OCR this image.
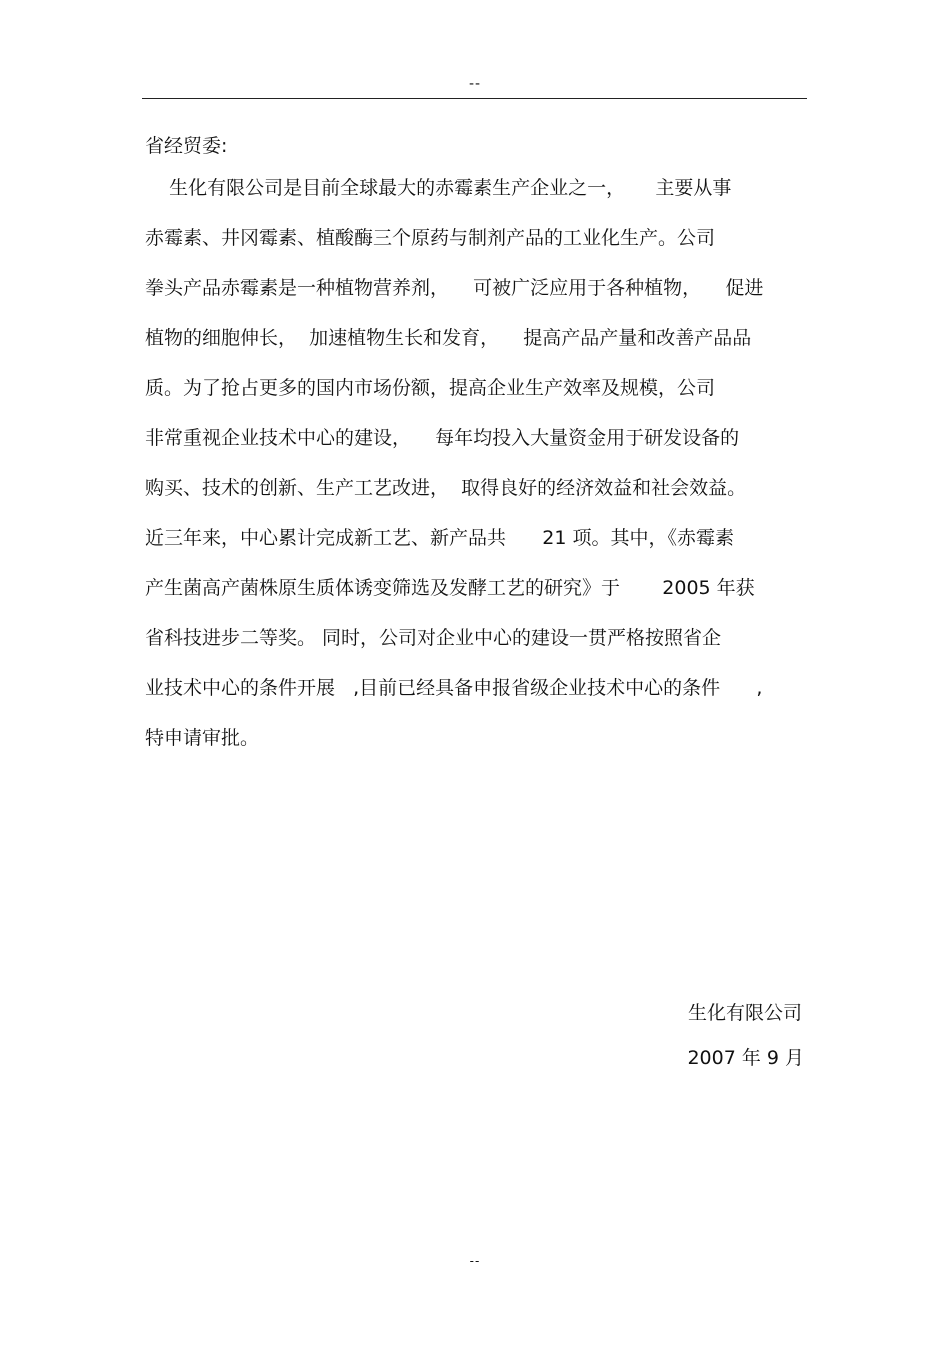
--
省经贸委:
生化有限公司是目前全球最大的赤霉素生产企业之一，     主要从事
赤霉素、井冈霉素、植酸酶三个原药与制剂产品的工业化生产。公司
拳头产品赤霉素是一种植物营养剂，    可被广泛应用于各种植物，    促进
植物的细胞伸长，  加速植物生长和发育，    提高产品产量和改善产品品
质。为了抢占更多的国内市场份额，提高企业生产效率及规模，公司
非常重视企业技术中心的建设，    每年均投入大量资金用于研发设备的
购买、技术的创新、生产工艺改进，  取得良好的经济效益和社会效益。
近三年来，中心累计完成新工艺、新产品共      21 项。其中，《赤霉素
产生菌高产菌株原生质体诱变筛选及发酵工艺的研究》于       2005 年获
省科技进步二等奖。 同时，公司对企业中心的建设一贯严格按照省企
业技术中心的条件开展   ,目前已经具备申报省级企业技术中心的条件      ,
特申请审批。
生化有限公司
2007 年 9 月
--
